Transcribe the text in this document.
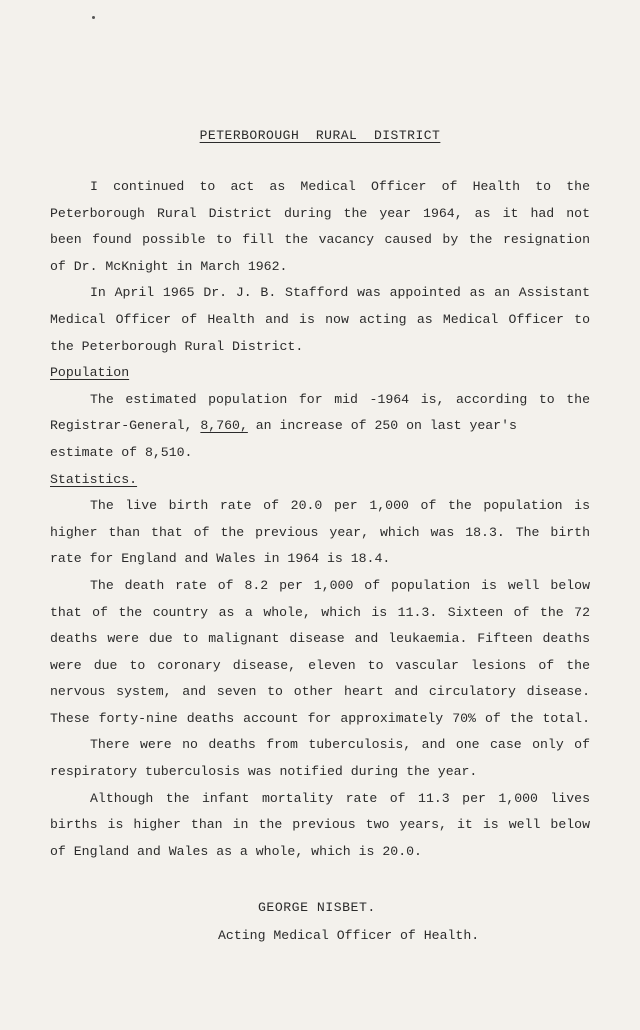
PETERBOROUGH  RURAL  DISTRICT
I continued to act as Medical Officer of Health to the
Peterborough Rural District during the year 1964, as it had not
been found possible to fill the vacancy caused by the resignation
of Dr. McKnight in March 1962.
In April 1965 Dr. J. B. Stafford was appointed as an Assistant
Medical Officer of Health and is now acting as Medical Officer to
the Peterborough Rural District.
Population
The estimated population for mid -1964 is, according to the
Registrar-General, 8,760, an increase of 250 on last year's
estimate of 8,510.
Statistics.
The live birth rate of 20.0 per 1,000 of the population is
higher than that of the previous year, which was 18.3. The birth
rate for England and Wales in 1964 is 18.4.
The death rate of 8.2 per 1,000 of population is well below
that of the country as a whole, which is 11.3. Sixteen of the 72
deaths were due to malignant disease and leukaemia. Fifteen deaths
were due to coronary disease, eleven to vascular lesions of the
nervous system, and seven to other heart and circulatory disease.
These forty-nine deaths account for approximately 70% of the total.
There were no deaths from tuberculosis, and one case only of
respiratory tuberculosis was notified during the year.
Although the infant mortality rate of 11.3 per 1,000 lives
births is higher than in the previous two years, it is well below
of England and Wales as a whole, which is 20.0.
GEORGE NISBET.
Acting Medical Officer of Health.
